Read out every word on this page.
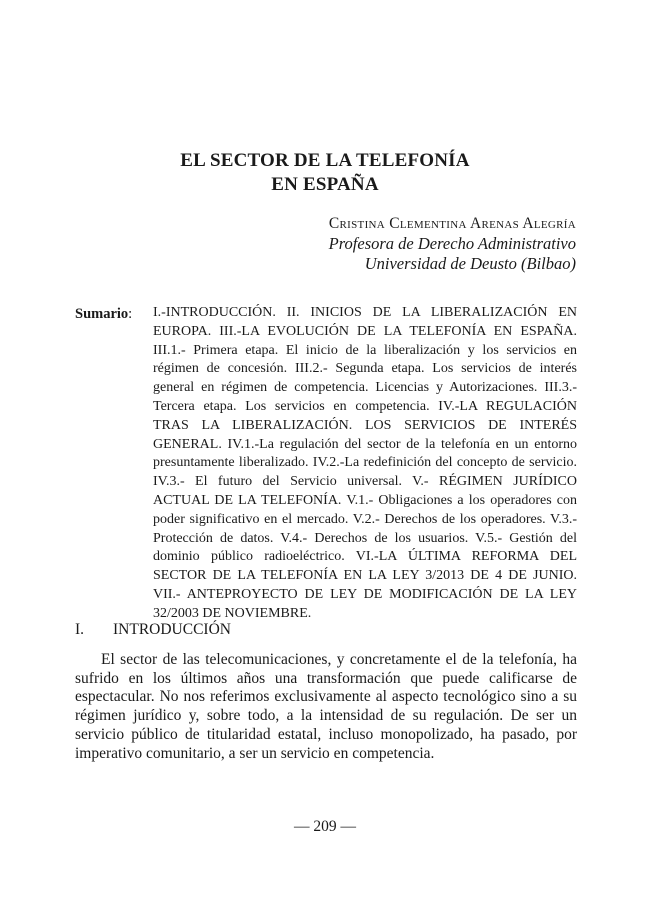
EL SECTOR DE LA TELEFONÍA
EN ESPAÑA
Cristina Clementina Arenas Alegría
Profesora de Derecho Administrativo
Universidad de Deusto (Bilbao)
Sumario: I.-INTRODUCCIÓN. II. INICIOS DE LA LIBERALIZACIÓN EN EUROPA. III.-LA EVOLUCIÓN DE LA TELEFONÍA EN ESPAÑA. III.1.- Primera etapa. El inicio de la liberalización y los servicios en régimen de concesión. III.2.- Segunda etapa. Los servicios de interés general en régimen de competencia. Licencias y Autorizaciones. III.3.- Tercera etapa. Los servicios en competencia. IV.-LA REGULACIÓN TRAS LA LIBERALIZACIÓN. LOS SERVICIOS DE INTERÉS GENERAL. IV.1.-La regulación del sector de la telefonía en un entorno presuntamente liberalizado. IV.2.-La redefinición del concepto de servicio. IV.3.- El futuro del Servicio universal. V.- RÉGIMEN JURÍDICO ACTUAL DE LA TELEFONÍA. V.1.- Obligaciones a los operadores con poder significativo en el mercado. V.2.- Derechos de los operadores. V.3.- Protección de datos. V.4.- Derechos de los usuarios. V.5.- Gestión del dominio público radioeléctrico. VI.-LA ÚLTIMA REFORMA DEL SECTOR DE LA TELEFONÍA EN LA LEY 3/2013 DE 4 DE JUNIO. VII.- ANTEPROYECTO DE LEY DE MODIFICACIÓN DE LA LEY 32/2003 DE NOVIEMBRE.
I. INTRODUCCIÓN
El sector de las telecomunicaciones, y concretamente el de la telefonía, ha sufrido en los últimos años una transformación que puede calificarse de espectacular. No nos referimos exclusivamente al aspecto tecnológico sino a su régimen jurídico y, sobre todo, a la intensidad de su regulación. De ser un servicio público de titularidad estatal, incluso monopolizado, ha pasado, por imperativo comunitario, a ser un servicio en competencia.
— 209 —
